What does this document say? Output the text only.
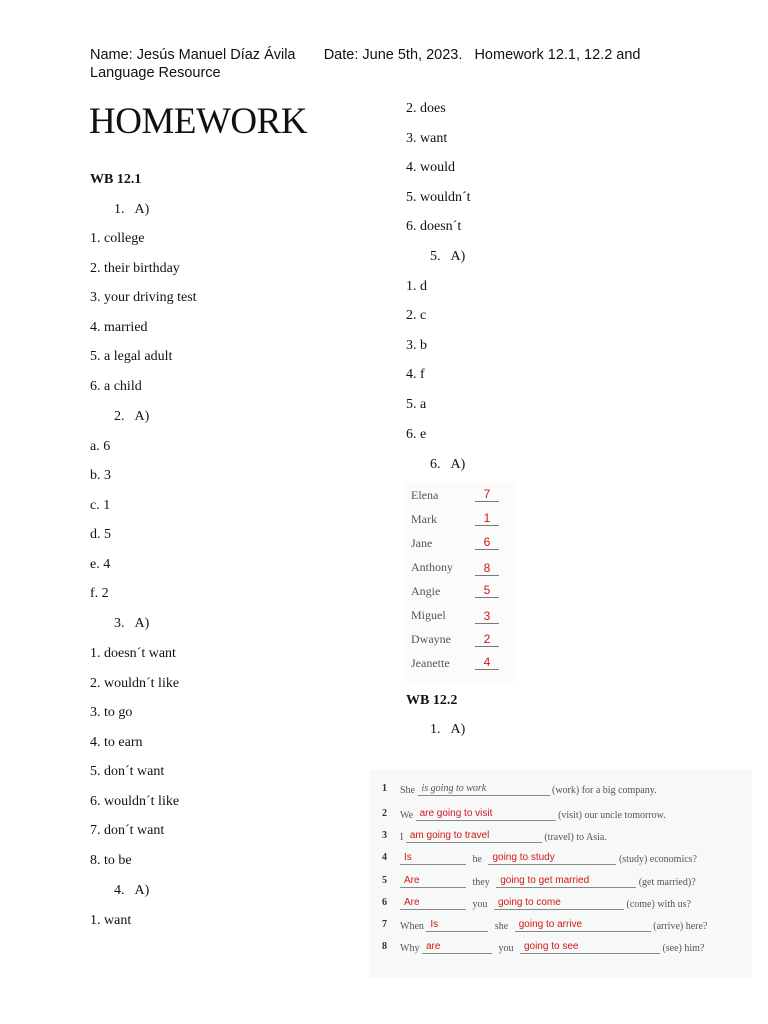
Name: Jesús Manuel Díaz Ávila Date: June 5th, 2023. Homework 12.1, 12.2 and
Language Resource
HOMEWORK
WB 12.1
1. A)
1. college
2. their birthday
3. your driving test
4. married
5. a legal adult
6. a child
2. A)
a. 6
b. 3
c. 1
d. 5
e. 4
f. 2
3. A)
1. doesn´t want
2. wouldn´t like
3. to go
4. to earn
5. don´t want
6. wouldn´t like
7. don´t want
8. to be
4. A)
1. want
2. does
3. want
4. would
5. wouldn´t
6. doesn´t
5. A)
1. d
2. c
3. b
4. f
5. a
6. e
6. A)
Elena	7
Mark	1
Jane	6
Anthony	8
Angie	5
Miguel	3
Dwayne	2
Jeanette	4
WB 12.2
1. A)
1 She is going to work	(work) for a big company.
2 We are going to visit	(visit) our uncle tomorrow.
3 I am going to travel	(travel) to Asia.
4 Is	he going to study	(study) economics?
5 Are	they going to get married	(get married)?
6 Are	you going to come	(come) with us?
7 When Is	she going to arrive	(arrive) here?
8 Why are	you going to see	(see) him?
